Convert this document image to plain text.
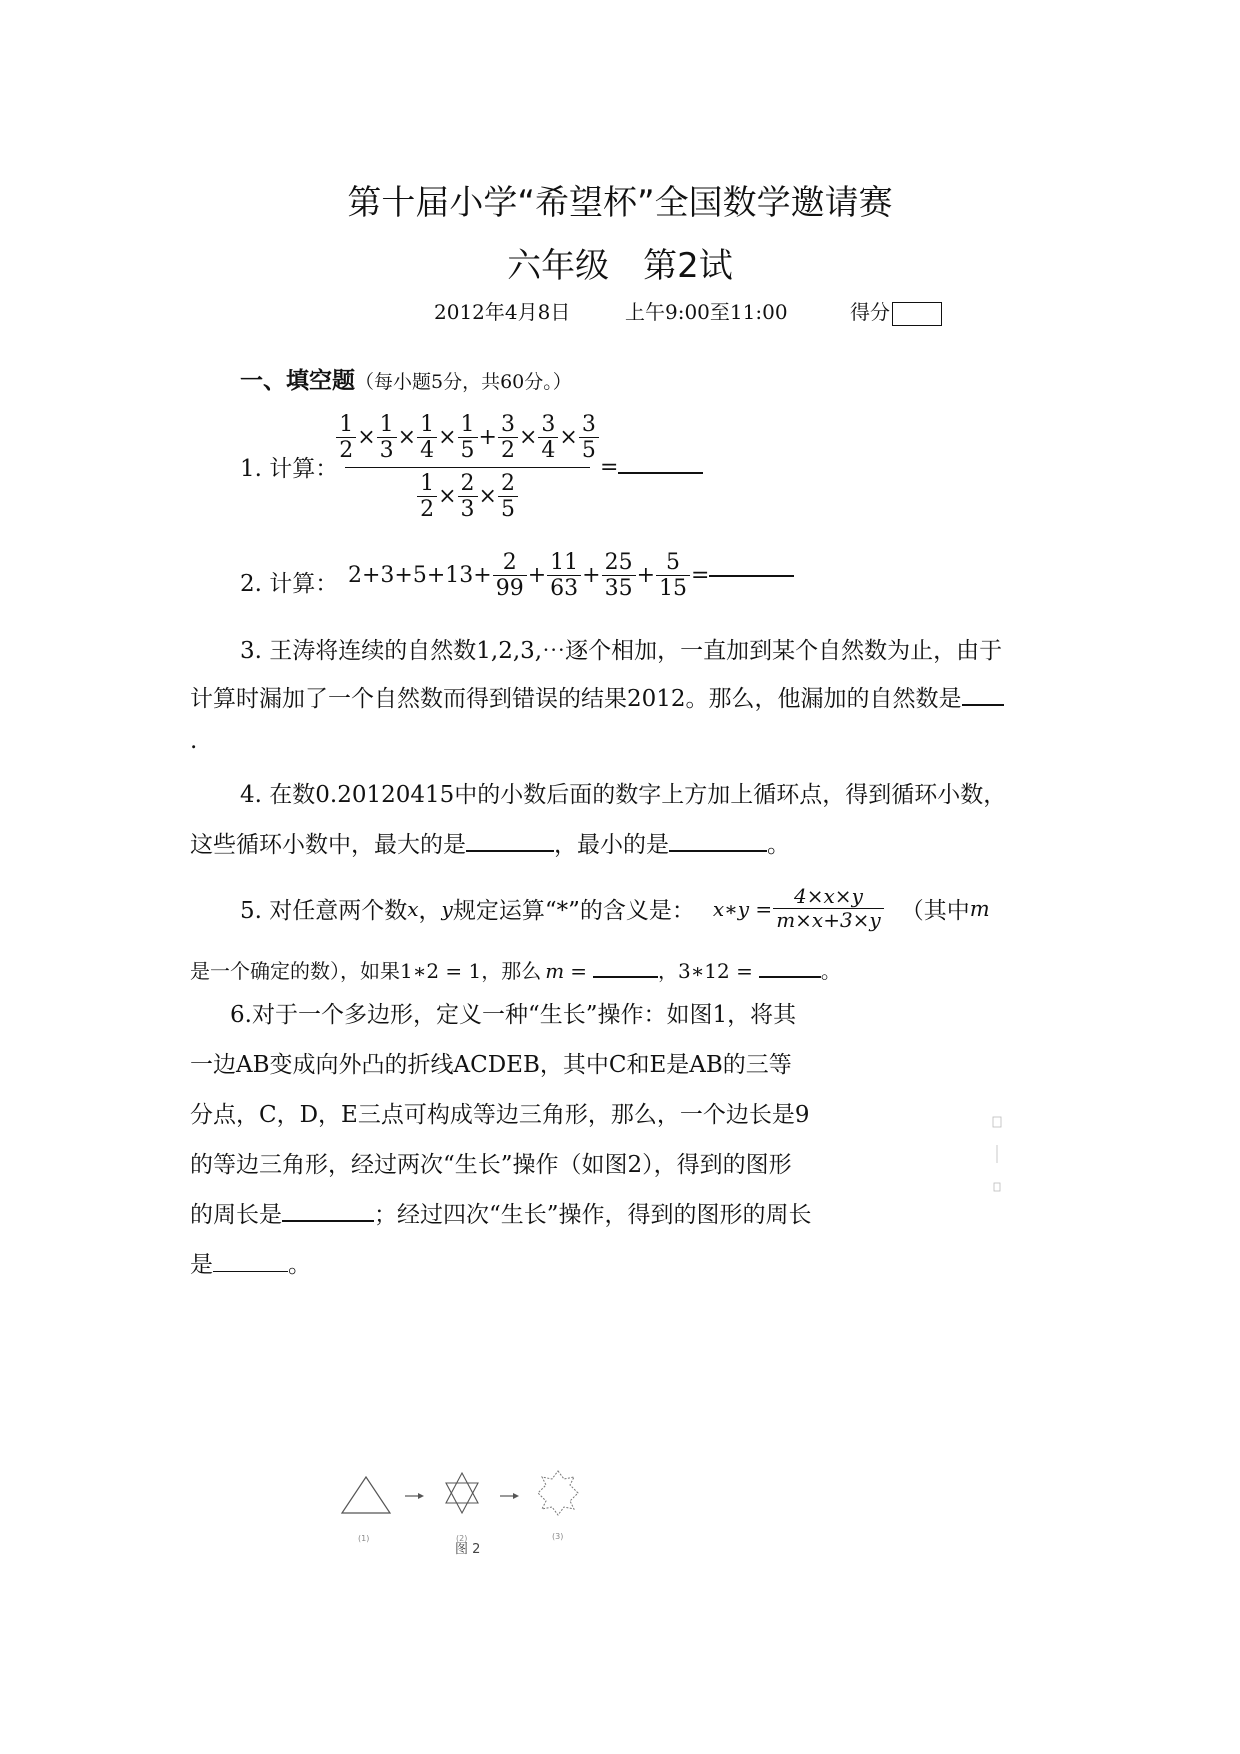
第十届小学“希望杯”全国数学邀请赛
六年级　第2试
2012年4月8日	上午9:00至11:00	得分
一、填空题（每小题5分，共60分。）
1. 计算： $\frac{\frac{1}{2} \times \frac{1}{3} \times \frac{1}{4} \times \frac{1}{5} + \frac{3}{2} \times \frac{3}{4} \times \frac{3}{5}}{\frac{1}{2} \times \frac{2}{3} \times \frac{2}{5}}$ =
2. 计算： $2+3+5+13+ \frac{2}{99} + \frac{11}{63} + \frac{25}{35} + \frac{5}{15}$ =
3. 王涛将连续的自然数1,2,3,⋯逐个相加，一直加到某个自然数为止，由于
计算时漏加了一个自然数而得到错误的结果2012。那么，他漏加的自然数是
.
4. 在数0.20120415中的小数后面的数字上方加上循环点，得到循环小数，
这些循环小数中，最大的是	，最小的是	。
5. 对任意两个数 x ， y 规定运算“*”的含义是： x∗y = $\frac{4\times x\times y}{m\times x+3\times y}$ （其中 m
是一个确定的数），如果1∗2 = 1，那么 m =	，3∗12 =	。
6.对于一个多边形，定义一种“生长”操作：如图1，将其
一边AB变成向外凸的折线ACDEB，其中C和E是AB的三等
分点，C，D，E三点可构成等边三角形，那么，一个边长是9
的等边三角形，经过两次“生长”操作（如图2），得到的图形
的周长是	；经过四次“生长”操作，得到的图形的周长
是	。
(1)	(2)	(3)
图 2
